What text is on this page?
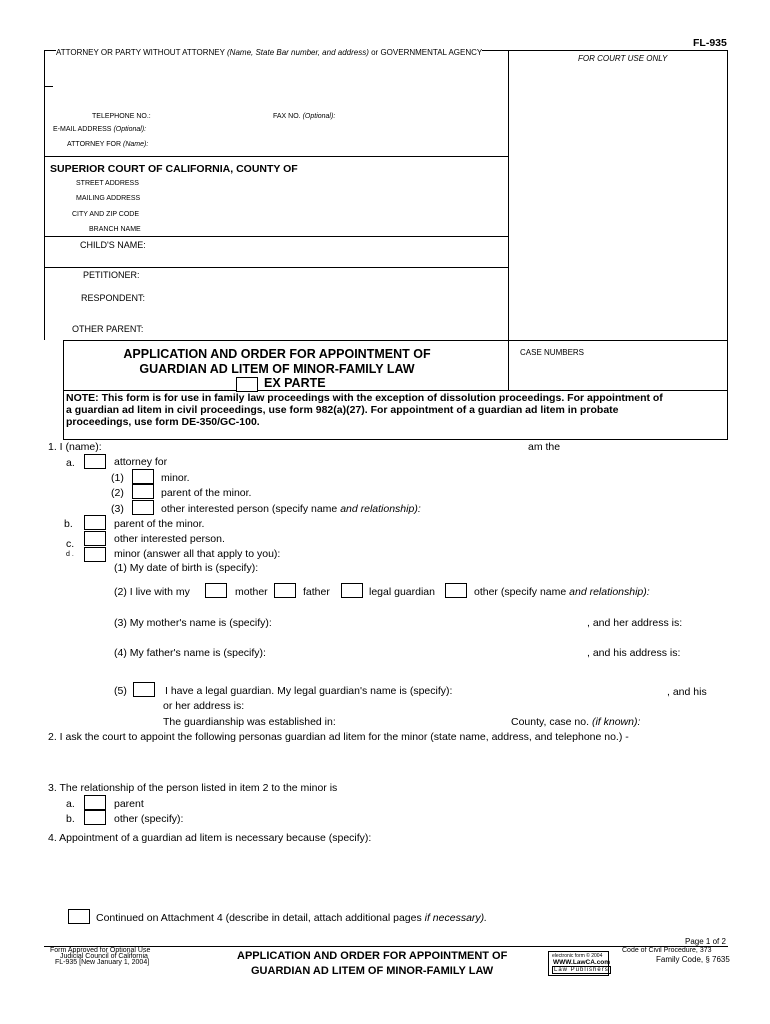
FL-935
ATTORNEY OR PARTY WITHOUT ATTORNEY (Name, State Bar number, and address) or GOVERNMENTAL AGENCY
FOR COURT USE ONLY
TELEPHONE NO.:	FAX NO. (Optional):
E-MAIL ADDRESS (Optional):
ATTORNEY FOR (Name):
SUPERIOR COURT OF CALIFORNIA, COUNTY OF
STREET ADDRESS
MAILING ADDRESS
CITY AND ZIP CODE
BRANCH NAME
CHILD'S NAME:
PETITIONER:
RESPONDENT:
OTHER PARENT:
APPLICATION AND ORDER FOR APPOINTMENT OF
GUARDIAN AD LITEM OF MINOR-FAMILY LAW
EX PARTE
CASE NUMBERS
NOTE: This form is for use in family law proceedings with the exception of dissolution proceedings. For appointment of
a guardian ad litem in civil proceedings, use form 982(a)(27). For appointment of a guardian ad litem in probate
proceedings, use form DE-350/GC-100.
1. I (name):	am the
a.	attorney for
(1)	minor.
(2)	parent of the minor.
(3)	other interested person (specify name and relationship):
b.	parent of the minor.
c.	other interested person.
d .	minor (answer all that apply to you):
(1) My date of birth is (specify):
(2) I live with my	mother	father	legal guardian	other (specify name and relationship):
(3) My mother's name is (specify):	, and her address is:
(4) My father's name is (specify):	, and his address is:
(5)	I have a legal guardian. My legal guardian's name is (specify):	, and his
or her address is:
The guardianship was established in:	County, case no. (if known):
2. I ask the court to appoint the following personas guardian ad litem for the minor (state name, address, and telephone no.) -
3. The relationship of the person listed in item 2 to the minor is
a.	parent
b.	other (specify):
4. Appointment of a guardian ad litem is necessary because (specify):
Continued on Attachment 4 (describe in detail, attach additional pages if necessary).
Page 1 of 2
Form Approved for Optional Use
Judicial Council of California
FL-935 [New January 1, 2004]
APPLICATION AND ORDER FOR APPOINTMENT OF
GUARDIAN AD LITEM OF MINOR-FAMILY LAW
electronic form © 2004
WWW.LawCA.com
Law Publishers
Code of Civil Procedure, 373
Family Code, § 7635
